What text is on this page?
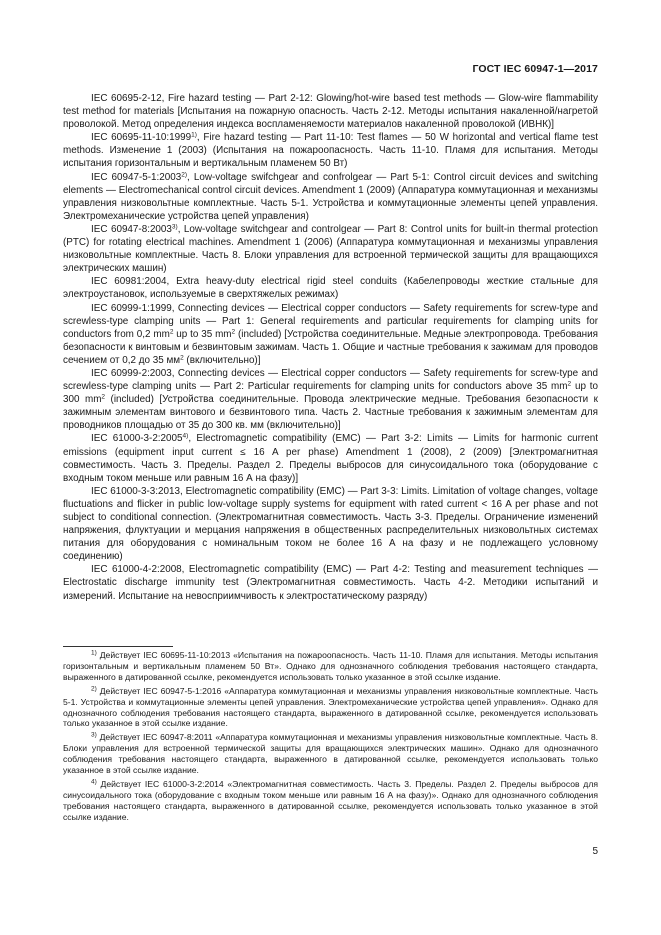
ГОСТ IEC 60947-1—2017

IEC 60695-2-12, Fire hazard testing — Part 2-12: Glowing/hot-wire based test methods — Glow-wire flammability test method for materials [Испытания на пожарную опасность. Часть 2-12. Методы испытания накаленной/нагретой проволокой. Метод определения индекса воспламеняемости материалов накаленной проволокой (ИВНК)]

IEC 60695-11-10:1999$^{1)}$, Fire hazard testing — Part 11-10: Test flames — 50 W horizontal and vertical flame test methods. Изменение 1 (2003) (Испытания на пожароопасность. Часть 11-10. Пламя для испытания. Методы испытания горизонтальным и вертикальным пламенем 50 Вт)

IEC 60947-5-1:2003$^{2)}$, Low-voltage swifchgear and confrolgear — Part 5-1: Control circuit devices and switching elements — Electromechanical control circuit devices. Amendment 1 (2009) (Аппаратура коммутационная и механизмы управления низковольтные комплектные. Часть 5-1. Устройства и коммутационные элементы цепей управления. Электромеханические устройства цепей управления)

IEC 60947-8:2003$^{3)}$, Low-voltage switchgear and controlgear — Part 8: Control units for built-in thermal protection (PTC) for rotating electrical machines. Amendment 1 (2006) (Аппаратура коммутационная и механизмы управления низковольтные комплектные. Часть 8. Блоки управления для встроенной термической защиты для вращающихся электрических машин)

IEC 60981:2004, Extra heavy-duty electrical rigid steel conduits (Кабелепроводы жесткие стальные для электроустановок, используемые в сверхтяжелых режимах)

IEC 60999-1:1999, Connecting devices — Electrical copper conductors — Safety requirements for screw-type and screwless-type clamping units — Part 1: General requirements and particular requirements for clamping units for conductors from 0,2 $mm^2$ up to 35 $mm^2$ (included) [Устройства соединительные. Медные электропровода. Требования безопасности к винтовым и безвинтовым зажимам. Часть 1. Общие и частные требования к зажимам для проводов сечением от 0,2 до 35 $мм^2$ (включительно)]

IEC 60999-2:2003, Connecting devices — Electrical copper conductors — Safety requirements for screw-type and screwless-type clamping units — Part 2: Particular requirements for clamping units for conductors above 35 $mm^2$ up to 300 $mm^2$ (included) [Устройства соединительные. Провода электрические медные. Требования безопасности к зажимным элементам винтового и безвинтового типа. Часть 2. Частные требования к зажимным элементам для проводников площадью от 35 до 300 кв. мм (включительно)]

IEC 61000-3-2:2005$^{4)}$, Electromagnetic compatibility (EMC) — Part 3-2: Limits — Limits for harmonic current emissions (equipment input current ≤ 16 A per phase) Amendment 1 (2008), 2 (2009) [Электромагнитная совместимость. Часть 3. Пределы. Раздел 2. Пределы выбросов для синусоидального тока (оборудование с входным током меньше или равным 16 А на фазу)]

IEC 61000-3-3:2013, Electromagnetic compatibility (EMC) — Part 3-3: Limits. Limitation of voltage changes, voltage fluctuations and flicker in public low-voltage supply systems for equipment with rated current < 16 A per phase and not subject to conditional connection. (Электромагнитная совместимость. Часть 3-3. Пределы. Ограничение изменений напряжения, флуктуации и мерцания напряжения в общественных распределительных низковольтных системах питания для оборудования с номинальным током не более 16 А на фазу и не подлежащего условному соединению)

IEC 61000-4-2:2008, Electromagnetic compatibility (EMC) — Part 4-2: Testing and measurement techniques — Electrostatic discharge immunity test (Электромагнитная совместимость. Часть 4-2. Методики испытаний и измерений. Испытание на невосприимчивость к электростатическому разряду)

$^{1)}$ Действует IEC 60695-11-10:2013 «Испытания на пожароопасность. Часть 11-10. Пламя для испытания. Методы испытания горизонтальным и вертикальным пламенем 50 Вт». Однако для однозначного соблюдения требования настоящего стандарта, выраженного в датированной ссылке, рекомендуется использовать только указанное в этой ссылке издание.

$^{2)}$ Действует IEC 60947-5-1:2016 «Аппаратура коммутационная и механизмы управления низковольтные комплектные. Часть 5-1. Устройства и коммутационные элементы цепей управления. Электромеханические устройства цепей управления». Однако для однозначного соблюдения требования настоящего стандарта, выраженного в датированной ссылке, рекомендуется использовать только указанное в этой ссылке издание.

$^{3)}$ Действует IEC 60947-8:2011 «Аппаратура коммутационная и механизмы управления низковольтные комплектные. Часть 8. Блоки управления для встроенной термической защиты для вращающихся электрических машин». Однако для однозначного соблюдения требования настоящего стандарта, выраженного в датированной ссылке, рекомендуется использовать только указанное в этой ссылке издание.

$^{4)}$ Действует IEC 61000-3-2:2014 «Электромагнитная совместимость. Часть 3. Пределы. Раздел 2. Пределы выбросов для синусоидального тока (оборудование с входным током меньше или равным 16 А на фазу)». Однако для однозначного соблюдения требования настоящего стандарта, выраженного в датированной ссылке, рекомендуется использовать только указанное в этой ссылке издание.

5
